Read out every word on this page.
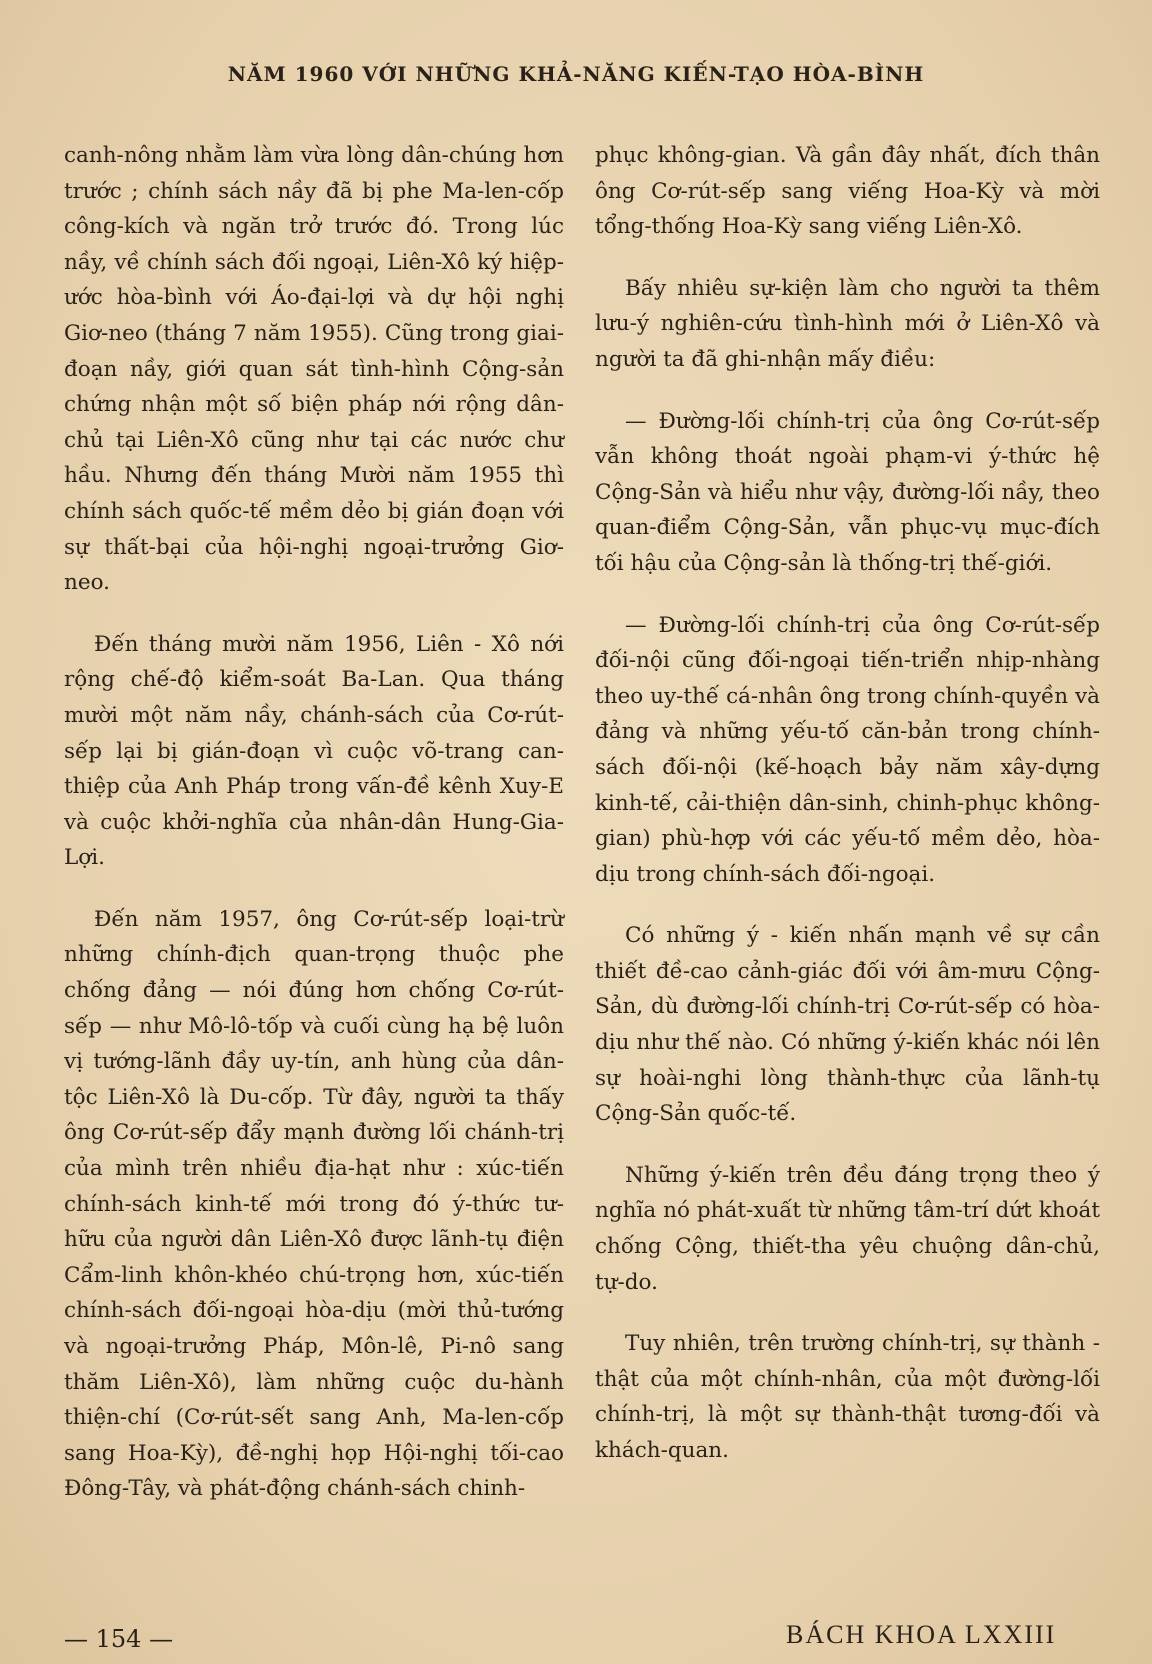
NĂM 1960 VỚI NHỮNG KHẢ-NĂNG KIẾN-TẠO HÒA-BÌNH

canh-nông nhằm làm vừa lòng dân-chúng hơn trước ; chính sách nầy đã bị phe Ma-len-cốp công-kích và ngăn trở trước đó. Trong lúc nầy, về chính sách đối ngoại, Liên-Xô ký hiệp-ước hòa-bình với Áo-đại-lợi và dự hội nghị Giơ-neo (tháng 7 năm 1955). Cũng trong giai-đoạn nầy, giới quan sát tình-hình Cộng-sản chứng nhận một số biện pháp nới rộng dân-chủ tại Liên-Xô cũng như tại các nước chư hầu. Nhưng đến tháng Mười năm 1955 thì chính sách quốc-tế mềm dẻo bị gián đoạn với sự thất-bại của hội-nghị ngoại-trưởng Giơ-neo.

Đến tháng mười năm 1956, Liên - Xô nới rộng chế-độ kiểm-soát Ba-Lan. Qua tháng mười một năm nầy, chánh-sách của Cơ-rút-sếp lại bị gián-đoạn vì cuộc võ-trang can-thiệp của Anh Pháp trong vấn-đề kênh Xuy-E và cuộc khởi-nghĩa của nhân-dân Hung-Gia-Lợi.

Đến năm 1957, ông Cơ-rút-sếp loại-trừ những chính-địch quan-trọng thuộc phe chống đảng — nói đúng hơn chống Cơ-rút-sếp — như Mô-lô-tốp và cuối cùng hạ bệ luôn vị tướng-lãnh đầy uy-tín, anh hùng của dân-tộc Liên-Xô là Du-cốp. Từ đây, người ta thấy ông Cơ-rút-sếp đẩy mạnh đường lối chánh-trị của mình trên nhiều địa-hạt như : xúc-tiến chính-sách kinh-tế mới trong đó ý-thức tư-hữu của người dân Liên-Xô được lãnh-tụ điện Cẩm-linh khôn-khéo chú-trọng hơn, xúc-tiến chính-sách đối-ngoại hòa-dịu (mời thủ-tướng và ngoại-trưởng Pháp, Môn-lê, Pi-nô sang thăm Liên-Xô), làm những cuộc du-hành thiện-chí (Cơ-rút-sết sang Anh, Ma-len-cốp sang Hoa-Kỳ), đề-nghị họp Hội-nghị tối-cao Đông-Tây, và phát-động chánh-sách chinh-

phục không-gian. Và gần đây nhất, đích thân ông Cơ-rút-sếp sang viếng Hoa-Kỳ và mời tổng-thống Hoa-Kỳ sang viếng Liên-Xô.

Bấy nhiêu sự-kiện làm cho người ta thêm lưu-ý nghiên-cứu tình-hình mới ở Liên-Xô và người ta đã ghi-nhận mấy điều:

— Đường-lối chính-trị của ông Cơ-rút-sếp vẫn không thoát ngoài phạm-vi ý-thức hệ Cộng-Sản và hiểu như vậy, đường-lối nầy, theo quan-điểm Cộng-Sản, vẫn phục-vụ mục-đích tối hậu của Cộng-sản là thống-trị thế-giới.

— Đường-lối chính-trị của ông Cơ-rút-sếp đối-nội cũng đối-ngoại tiến-triển nhịp-nhàng theo uy-thế cá-nhân ông trong chính-quyền và đảng và những yếu-tố căn-bản trong chính-sách đối-nội (kế-hoạch bảy năm xây-dựng kinh-tế, cải-thiện dân-sinh, chinh-phục không-gian) phù-hợp với các yếu-tố mềm dẻo, hòa-dịu trong chính-sách đối-ngoại.

Có những ý - kiến nhấn mạnh về sự cần thiết đề-cao cảnh-giác đối với âm-mưu Cộng-Sản, dù đường-lối chính-trị Cơ-rút-sếp có hòa-dịu như thế nào. Có những ý-kiến khác nói lên sự hoài-nghi lòng thành-thực của lãnh-tụ Cộng-Sản quốc-tế.

Những ý-kiến trên đều đáng trọng theo ý nghĩa nó phát-xuất từ những tâm-trí dứt khoát chống Cộng, thiết-tha yêu chuộng dân-chủ, tự-do.

Tuy nhiên, trên trường chính-trị, sự thành - thật của một chính-nhân, của một đường-lối chính-trị, là một sự thành-thật tương-đối và khách-quan.

— 154 —	BÁCH KHOA LXXIII
